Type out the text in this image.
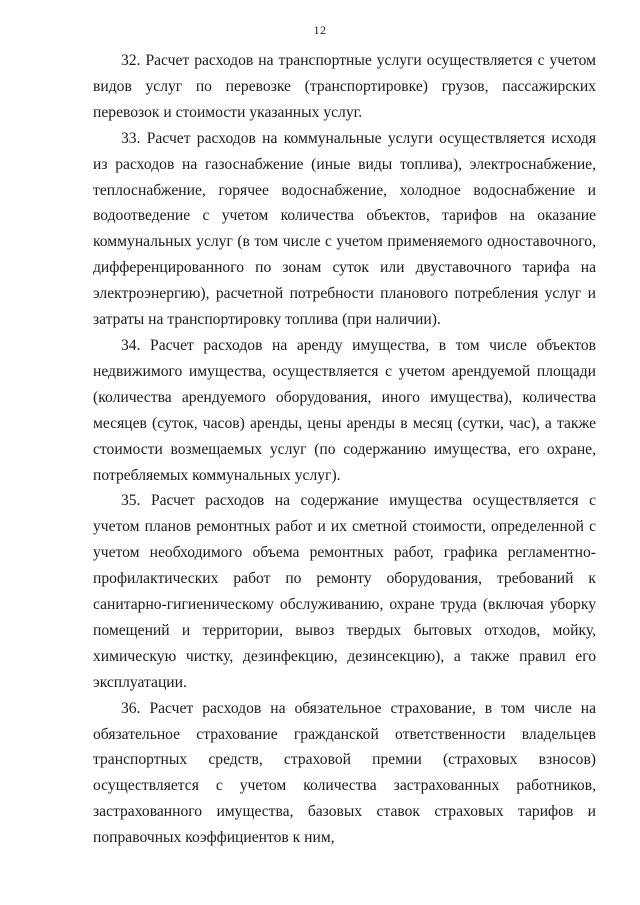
12

32. Расчет расходов на транспортные услуги осуществляется с учетом видов услуг по перевозке (транспортировке) грузов, пассажирских перевозок и стоимости указанных услуг.

33. Расчет расходов на коммунальные услуги осуществляется исходя из расходов на газоснабжение (иные виды топлива), электроснабжение, теплоснабжение, горячее водоснабжение, холодное водоснабжение и водоотведение с учетом количества объектов, тарифов на оказание коммунальных услуг (в том числе с учетом применяемого одноставочного, дифференцированного по зонам суток или двуставочного тарифа на электроэнергию), расчетной потребности планового потребления услуг и затраты на транспортировку топлива (при наличии).

34. Расчет расходов на аренду имущества, в том числе объектов недвижимого имущества, осуществляется с учетом арендуемой площади (количества арендуемого оборудования, иного имущества), количества месяцев (суток, часов) аренды, цены аренды в месяц (сутки, час), а также стоимости возмещаемых услуг (по содержанию имущества, его охране, потребляемых коммунальных услуг).

35. Расчет расходов на содержание имущества осуществляется с учетом планов ремонтных работ и их сметной стоимости, определенной с учетом необходимого объема ремонтных работ, графика регламентно-профилактических работ по ремонту оборудования, требований к санитарно-гигиеническому обслуживанию, охране труда (включая уборку помещений и территории, вывоз твердых бытовых отходов, мойку, химическую чистку, дезинфекцию, дезинсекцию), а также правил его эксплуатации.

36. Расчет расходов на обязательное страхование, в том числе на обязательное страхование гражданской ответственности владельцев транспортных средств, страховой премии (страховых взносов) осуществляется с учетом количества застрахованных работников, застрахованного имущества, базовых ставок страховых тарифов и поправочных коэффициентов к ним,
